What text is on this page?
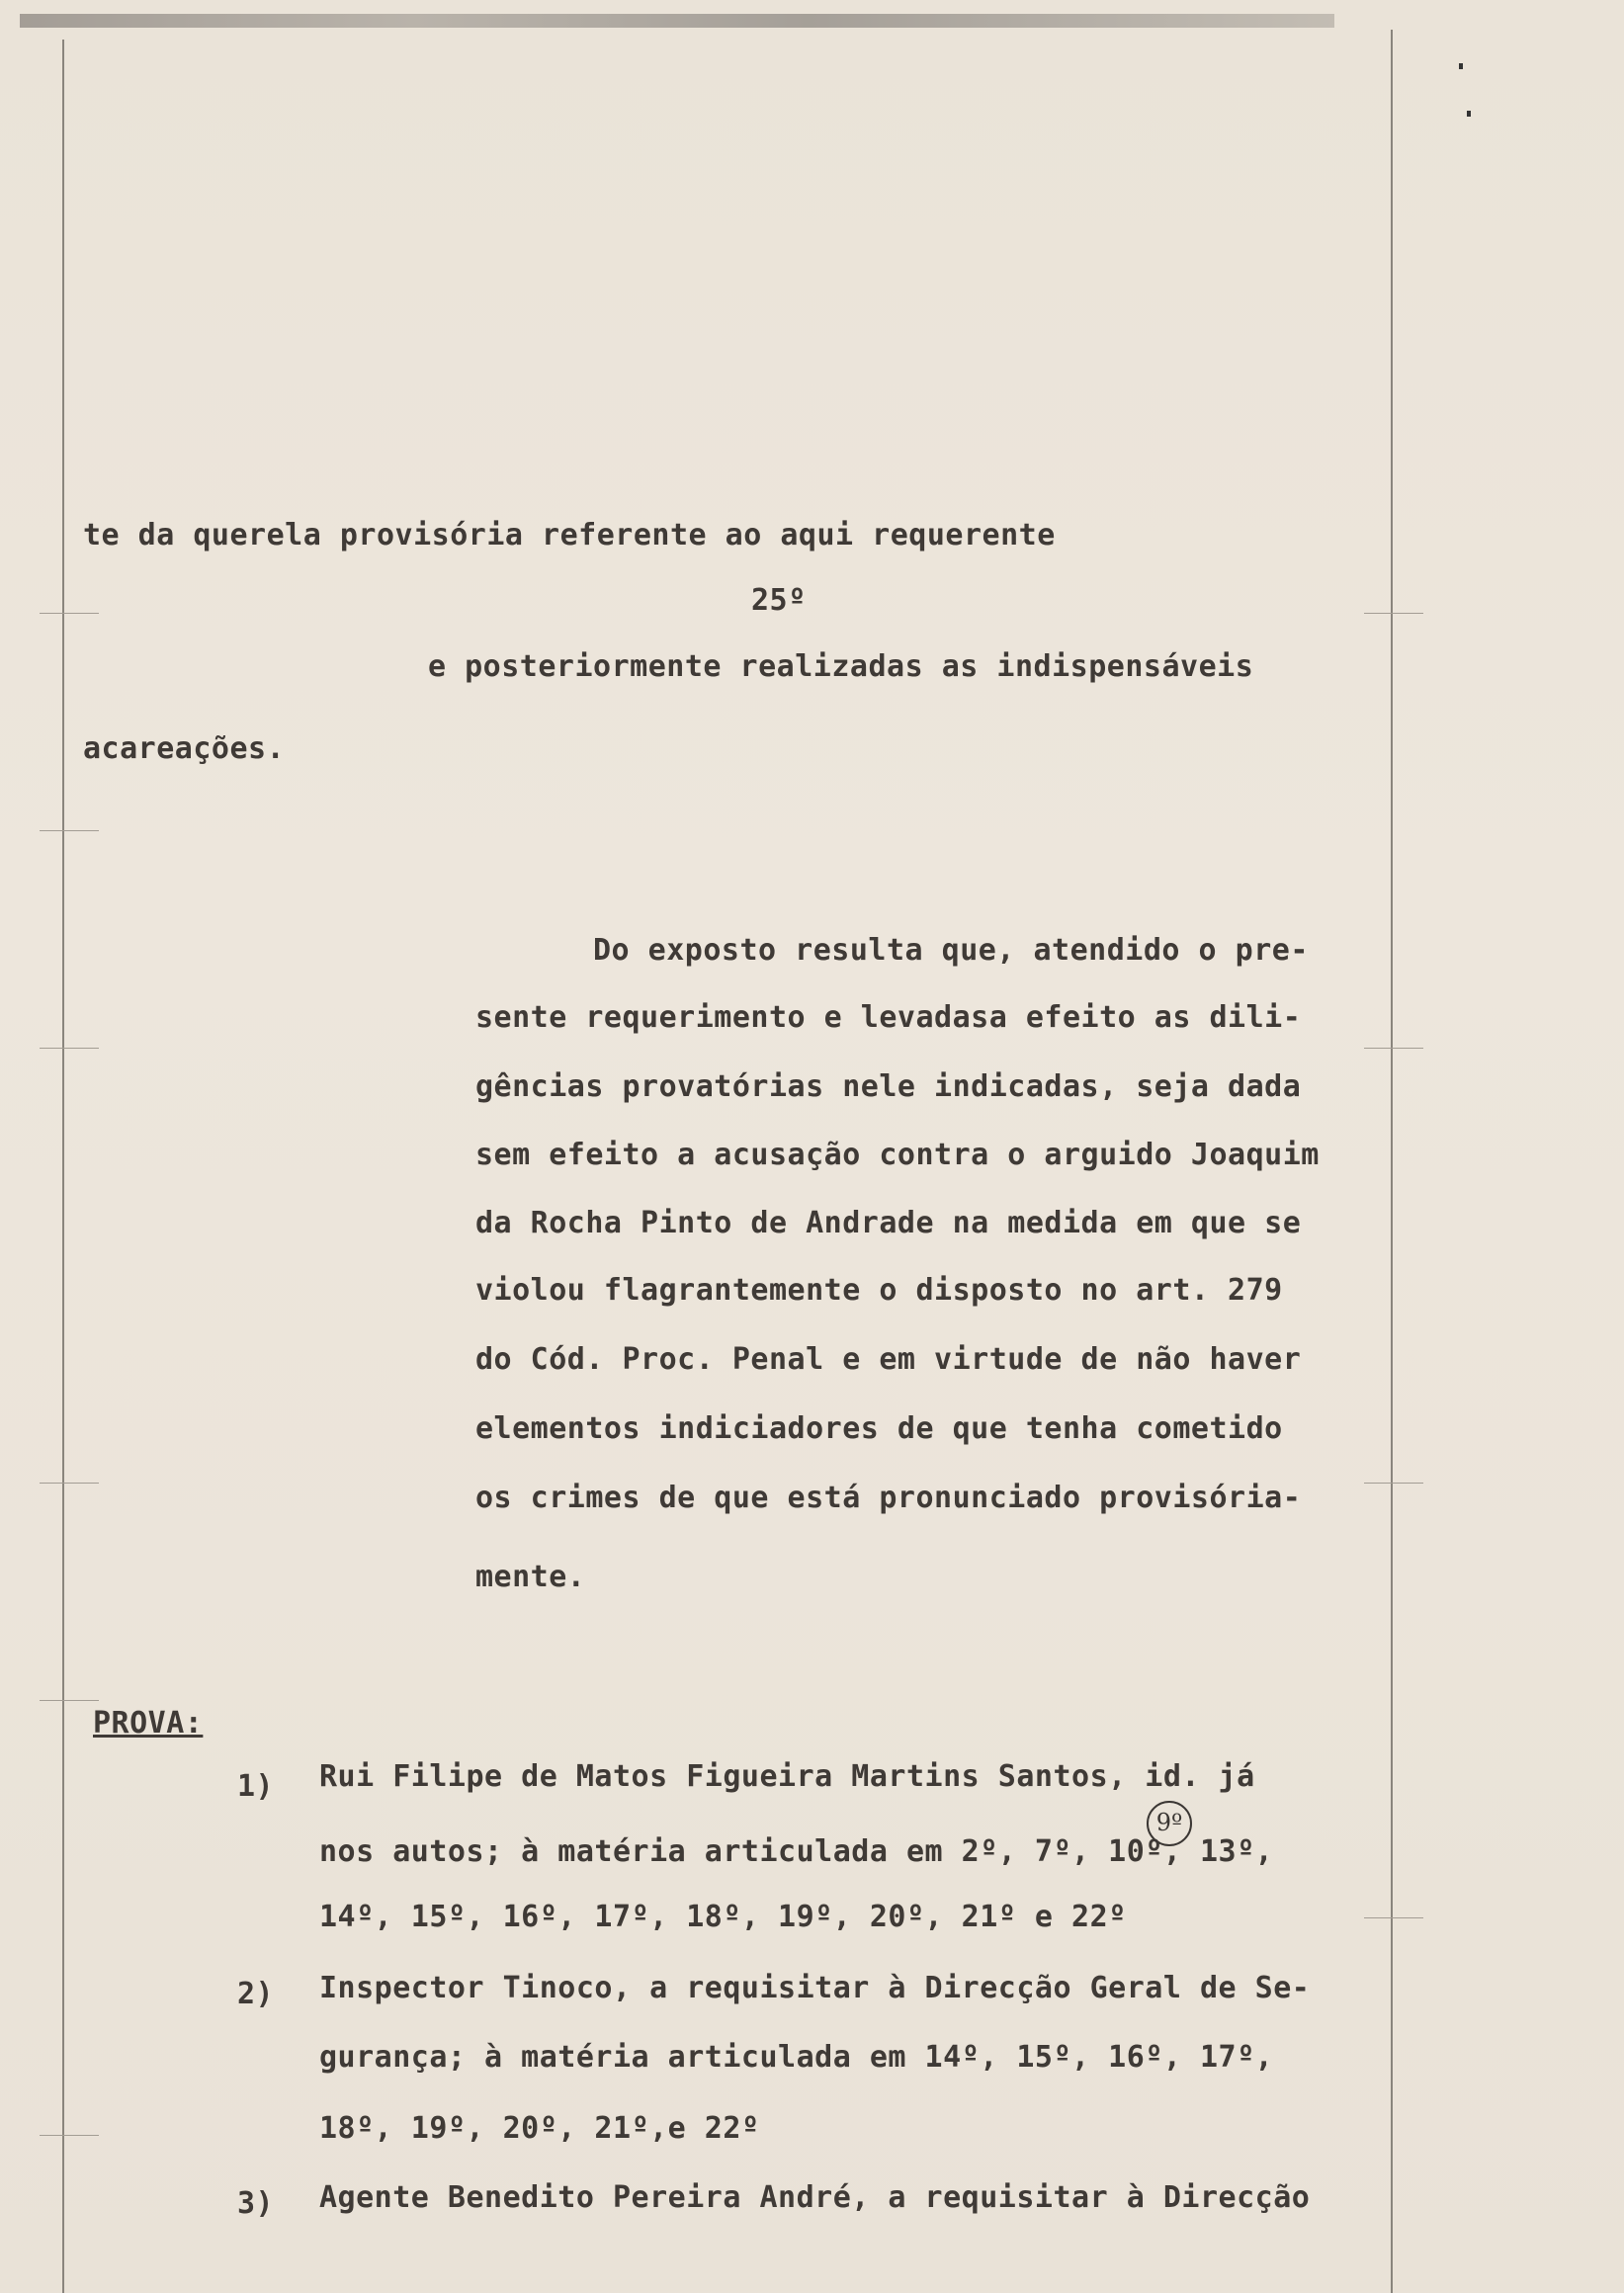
te da querela provisória referente ao aqui requerente
25º
e posteriormente realizadas as indispensáveis
acareações.
Do exposto resulta que, atendido o pre-
sente requerimento e levadasa efeito as dili-
gências provatórias nele indicadas, seja dada
sem efeito a acusação contra o arguido Joaquim
da Rocha Pinto de Andrade na medida em que se
violou flagrantemente o disposto no art. 279
do Cód. Proc. Penal e em virtude de não haver
elementos indiciadores de que tenha cometido
os crimes de que está pronunciado provisória-
mente.
PROVA:
1) Rui Filipe de Matos Figueira Martins Santos, id. já
nos autos; à matéria articulada em 2º, 7º, 10º, 13º,
14º, 15º, 16º, 17º, 18º, 19º, 20º, 21º e 22º
9º
2) Inspector Tinoco, a requisitar à Direcção Geral de Se-
gurança; à matéria articulada em 14º, 15º, 16º, 17º,
18º, 19º, 20º, 21º,e 22º
3) Agente Benedito Pereira André, a requisitar à Direcção
